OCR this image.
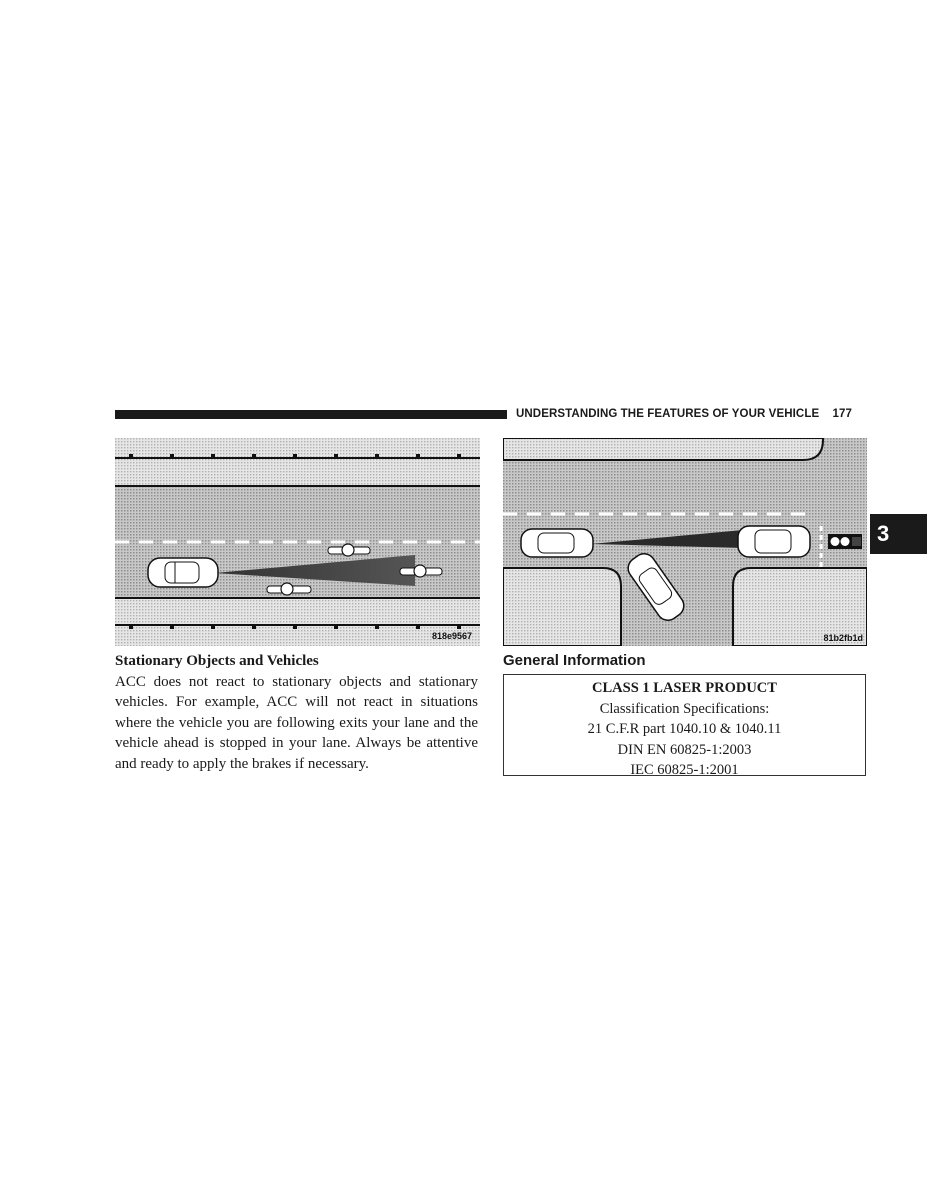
UNDERSTANDING THE FEATURES OF YOUR VEHICLE 177
3
818e9567	81b2fb1d
Stationary Objects and Vehicles
ACC does not react to stationary objects and stationary vehicles. For example, ACC will not react in situations where the vehicle you are following exits your lane and the vehicle ahead is stopped in your lane. Always be attentive and ready to apply the brakes if necessary.
General Information
CLASS 1 LASER PRODUCT
Classification Specifications:
21 C.F.R part 1040.10 & 1040.11
DIN EN 60825-1:2003
IEC 60825-1:2001
